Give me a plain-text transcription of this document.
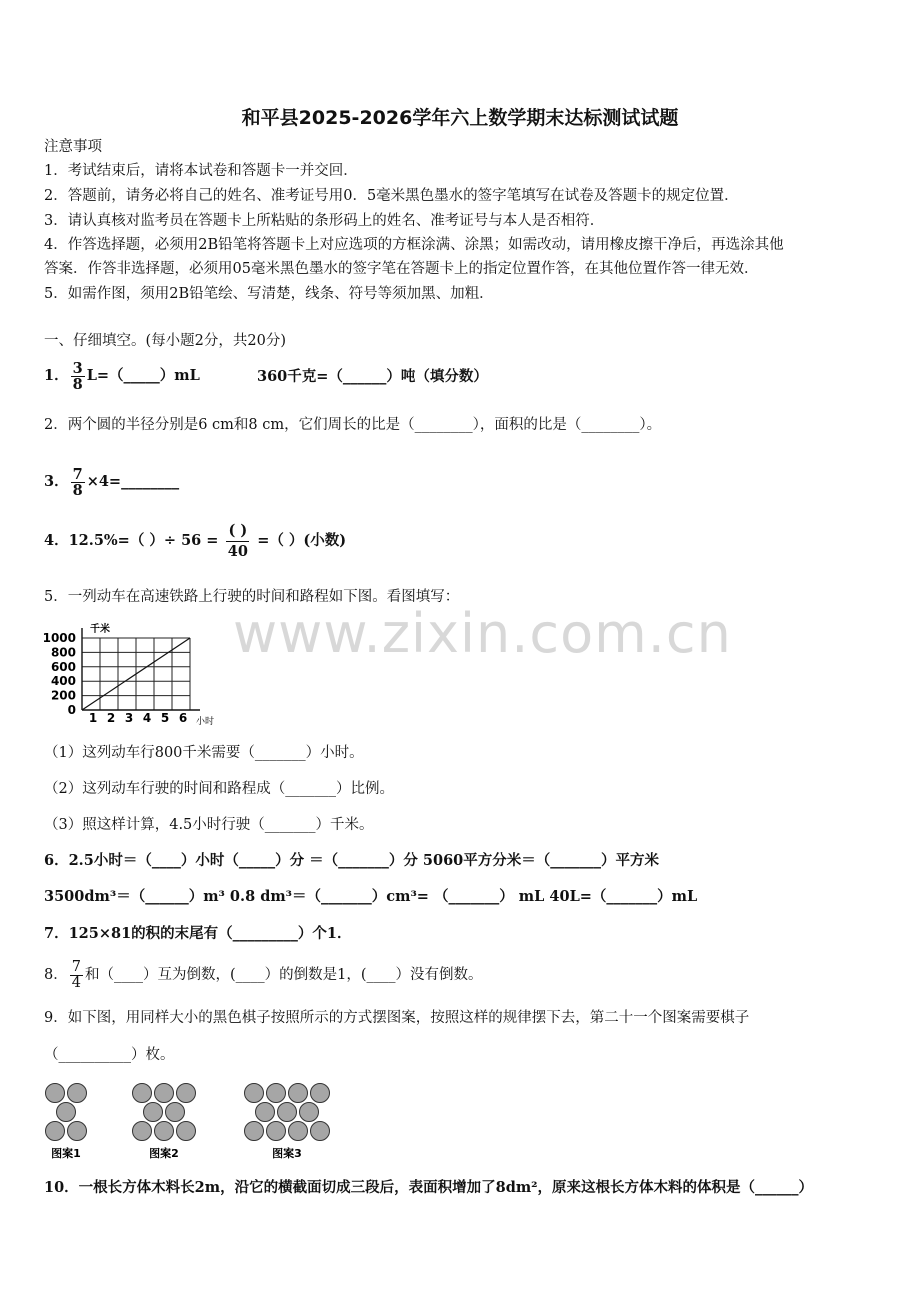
www.zixin.com.cn
和平县2025-2026学年六上数学期末达标测试试题
注意事项
1．考试结束后，请将本试卷和答题卡一并交回．
2．答题前，请务必将自己的姓名、准考证号用0．5毫米黑色墨水的签字笔填写在试卷及答题卡的规定位置．
3．请认真核对监考员在答题卡上所粘贴的条形码上的姓名、准考证号与本人是否相符．
4．作答选择题，必须用2B铅笔将答题卡上对应选项的方框涂满、涂黑；如需改动，请用橡皮擦干净后，再选涂其他
答案．作答非选择题，必须用05毫米黑色墨水的签字笔在答题卡上的指定位置作答，在其他位置作答一律无效．
5．如需作图，须用2B铅笔绘、写清楚，线条、符号等须加黑、加粗．
一、仔细填空。(每小题2分，共20分)
1． $\frac{3}{8}$ L=（_____）mL	360千克=（______）吨（填分数）
2．两个圆的半径分别是6 cm和8 cm，它们周长的比是（________），面积的比是（________）。
3． $\frac{7}{8}$ ×4=________
4．12.5%=（ ）÷ $56 = \frac{( )}{40}$ =（ ）(小数)
5．一列动车在高速铁路上行驶的时间和路程如下图。看图填写：
1000
800
600
400
200
0
1 2 3 4 5 6
千米
小时
（1）这列动车行800千米需要（_______）小时。
（2）这列动车行驶的时间和路程成（_______）比例。
（3）照这样计算，4.5小时行驶（_______）千米。
6．2.5小时＝（____）小时（_____）分 ＝（_______）分 5060平方分米＝（_______）平方米
3500dm³＝（______）m³ 0.8 dm³＝（_______）cm³= （_______） mL 40L=（_______）mL
7．125×81的积的末尾有（_________）个1．
8． $\frac{7}{4}$ 和（____）互为倒数，(____）的倒数是1，(____）没有倒数。
9．如下图，用同样大小的黑色棋子按照所示的方式摆图案，按照这样的规律摆下去，第二十一个图案需要棋子
（__________）枚。
图案1	图案2	图案3
10．一根长方体木料长2m，沿它的横截面切成三段后，表面积增加了8dm²，原来这根长方体木料的体积是（______）
